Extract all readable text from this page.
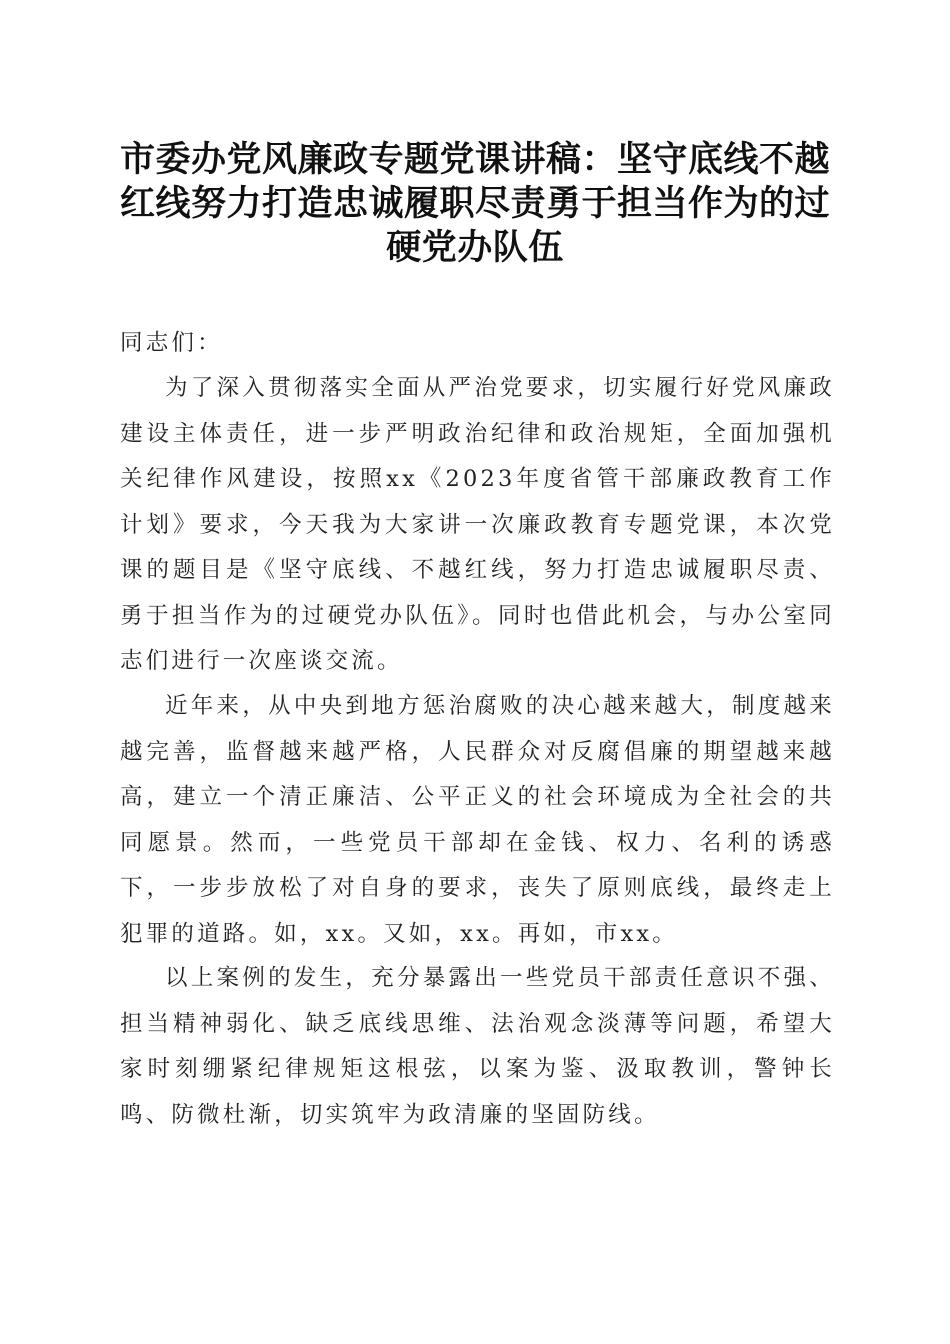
市委办党风廉政专题党课讲稿：坚守底线不越红线努力打造忠诚履职尽责勇于担当作为的过硬党办队伍

同志们：

为了深入贯彻落实全面从严治党要求，切实履行好党风廉政建设主体责任，进一步严明政治纪律和政治规矩，全面加强机关纪律作风建设，按照xx《2023年度省管干部廉政教育工作计划》要求，今天我为大家讲一次廉政教育专题党课，本次党课的题目是《坚守底线、不越红线，努力打造忠诚履职尽责、勇于担当作为的过硬党办队伍》。同时也借此机会，与办公室同志们进行一次座谈交流。

近年来，从中央到地方惩治腐败的决心越来越大，制度越来越完善，监督越来越严格，人民群众对反腐倡廉的期望越来越高，建立一个清正廉洁、公平正义的社会环境成为全社会的共同愿景。然而，一些党员干部却在金钱、权力、名利的诱惑下，一步步放松了对自身的要求，丧失了原则底线，最终走上犯罪的道路。如，xx。又如，xx。再如，市xx。

以上案例的发生，充分暴露出一些党员干部责任意识不强、担当精神弱化、缺乏底线思维、法治观念淡薄等问题，希望大家时刻绷紧纪律规矩这根弦，以案为鉴、汲取教训，警钟长鸣、防微杜渐，切实筑牢为政清廉的坚固防线。
